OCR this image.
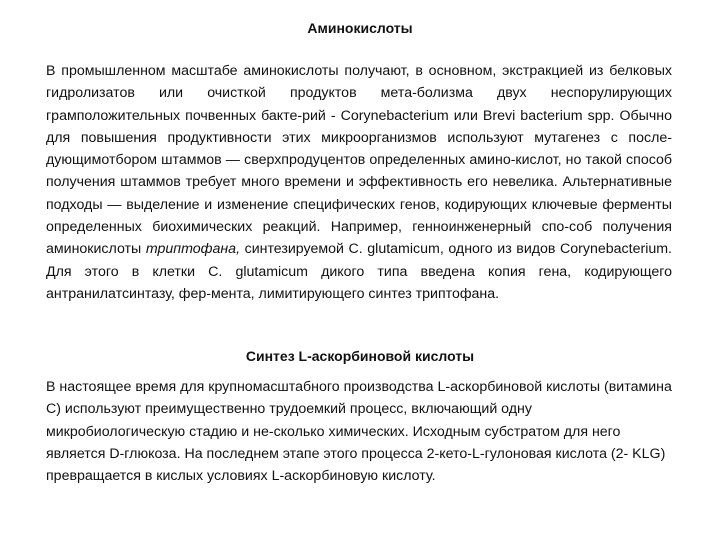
Аминокислоты

В промышленном масштабе аминокислоты получают, в основном, экстракцией из белковых гидролизатов или очисткой продуктов мета-болизма двух неспорулирующих грамположительных почвенных бакте-рий - Corynebacterium или Brevi bacterium spp. Обычно для повышения продуктивности этих микроорганизмов используют мутагенез с после-дующимотбором штаммов — сверхпродуцентов определенных амино-кислот, но такой способ получения штаммов требует много времени и эффективность его невелика. Альтернативные подходы — выделение и изменение специфических генов, кодирующих ключевые ферменты определенных биохимических реакций. Например, генноинженерный спо-соб получения аминокислоты триптофана, синтезируемой C. glutamicum, одного из видов Corynebacterium. Для этого в клетки C. glutamicum дикого типа введена копия гена, кодирующего антранилатсинтазу, фер-мента, лимитирующего синтез триптофана.

Синтез L-аскорбиновой кислоты

В настоящее время для крупномасштабного производства L-аскорбиновой кислоты (витамина С) используют преимущественно трудоемкий процесс, включающий одну микробиологическую стадию и не-сколько химических. Исходным субстратом для него является D-глюкоза. На последнем этапе этого процесса 2-кето-L-гулоновая кислота (2- KLG) превращается в кислых условиях L-аскорбиновую кислоту.
